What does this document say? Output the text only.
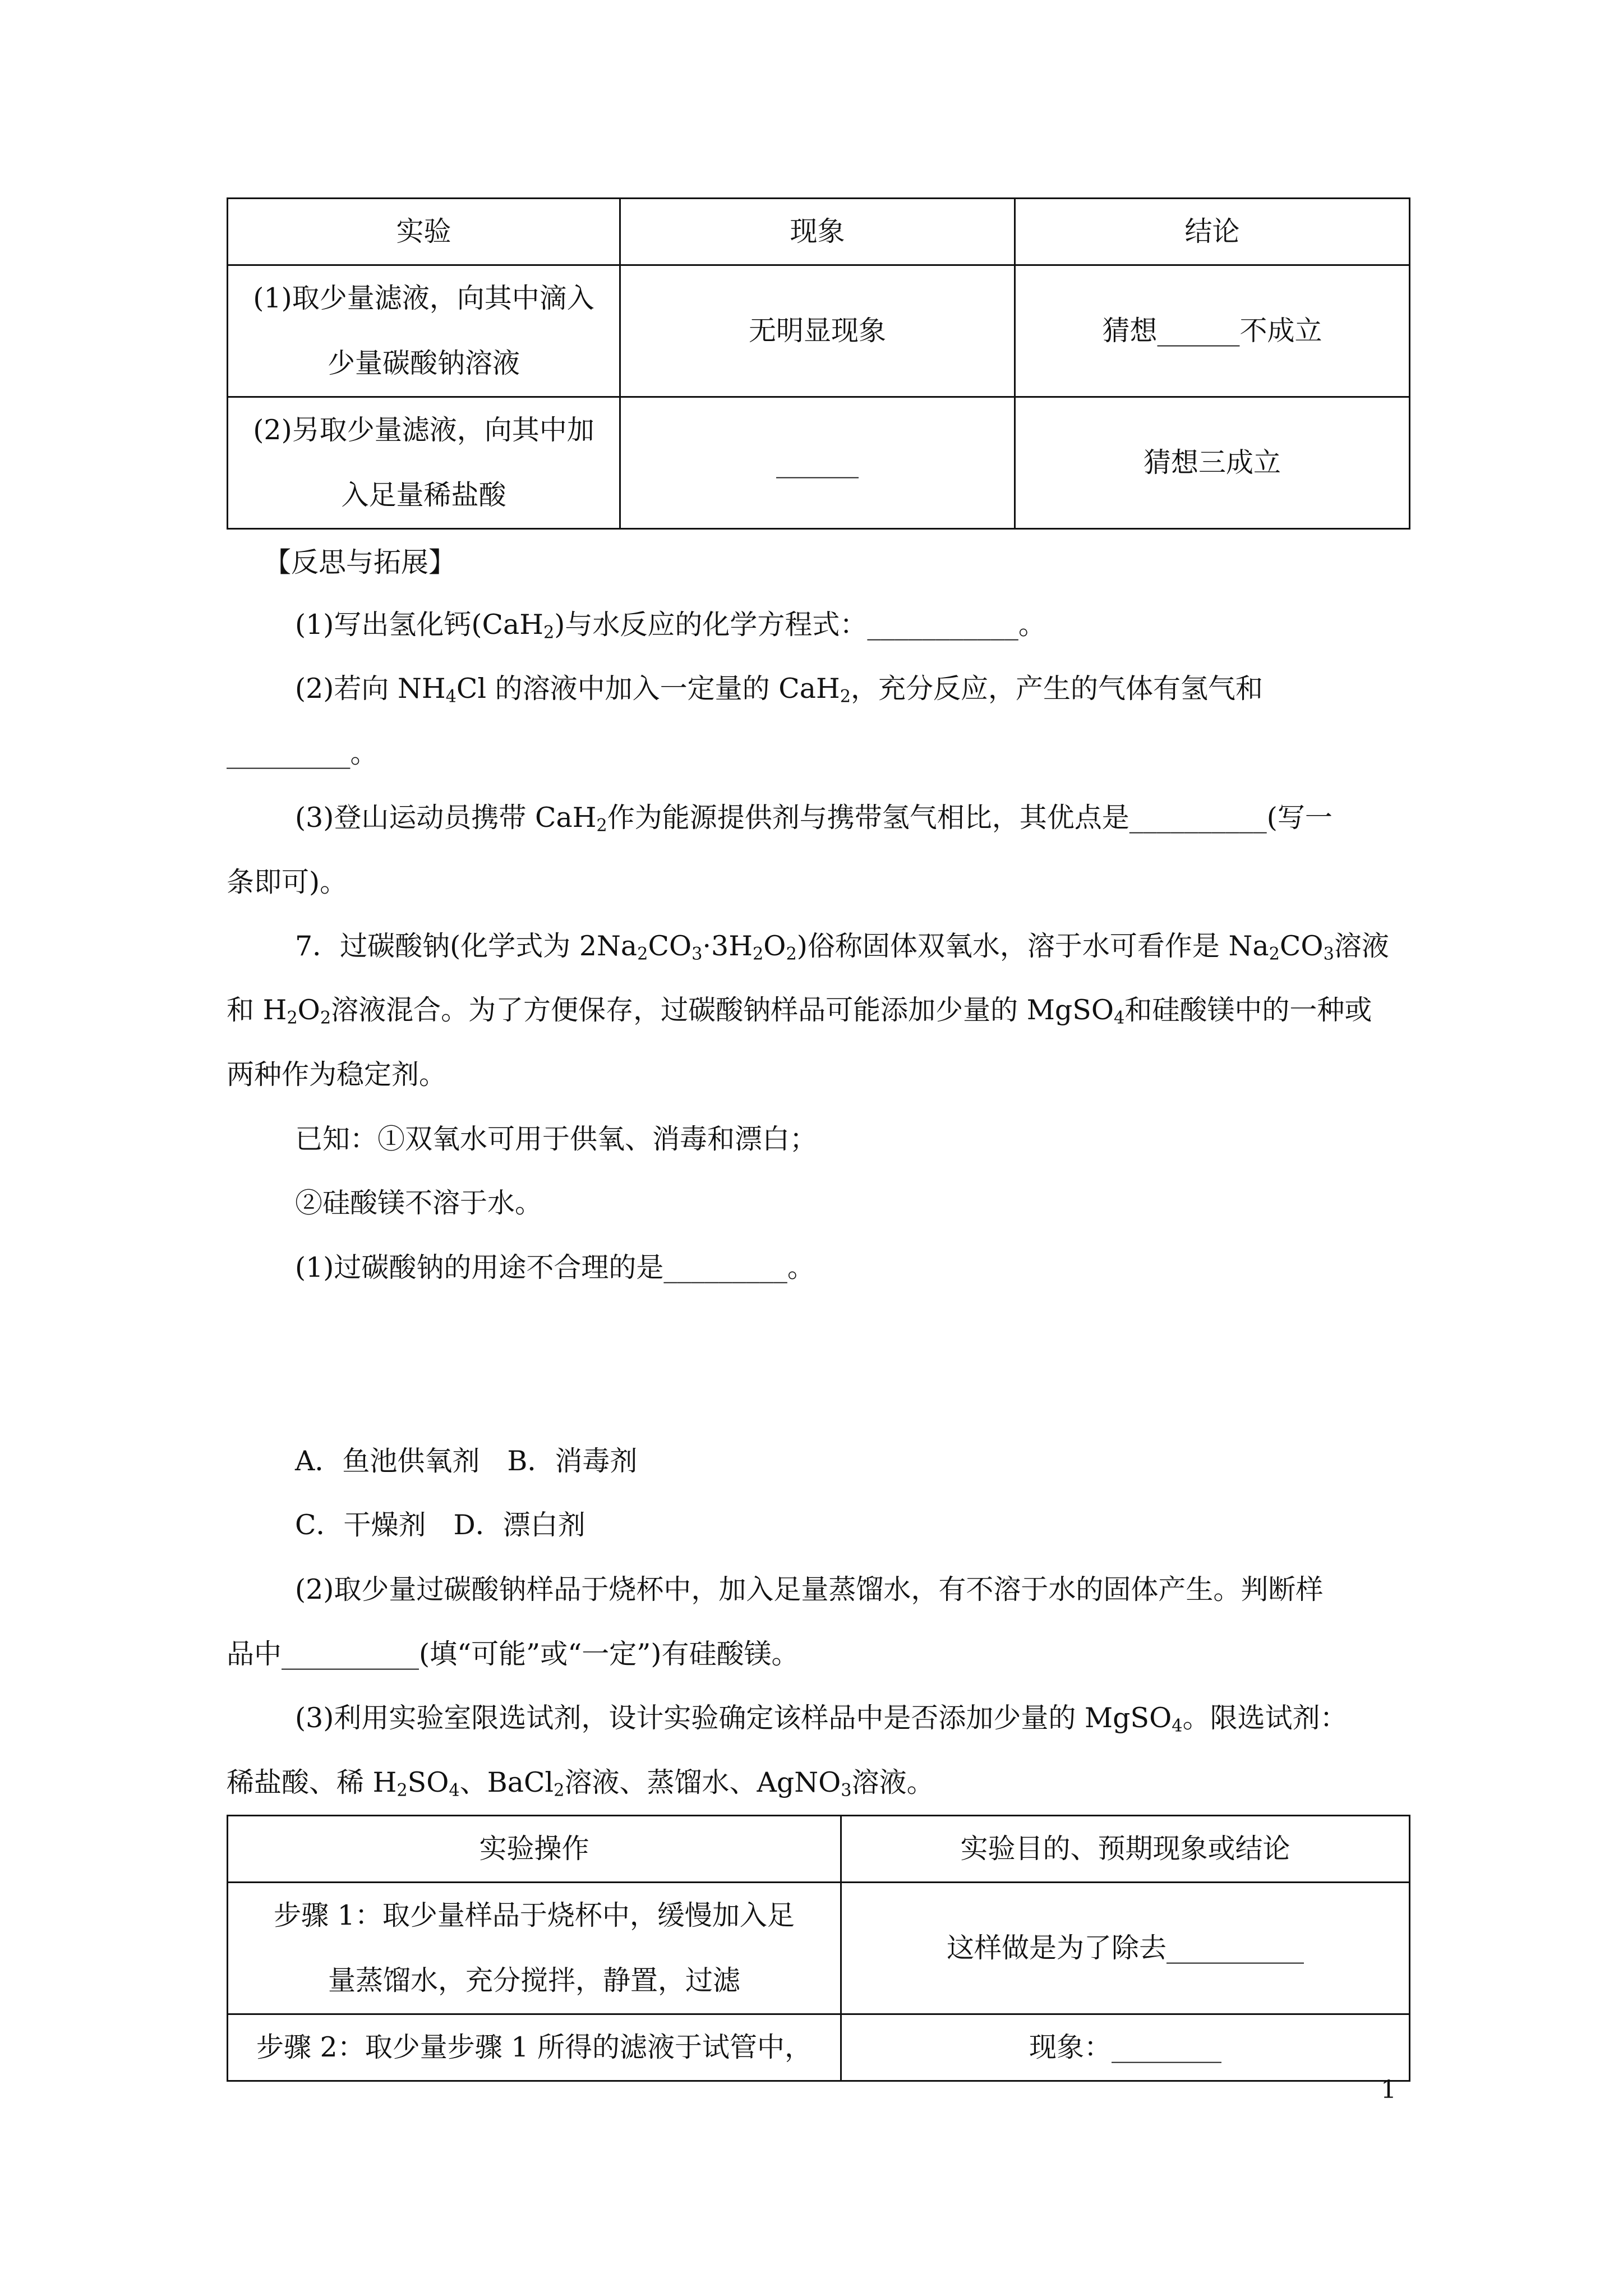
实验	现象	结论

(1)取少量滤液，向其中滴入
少量碳酸钠溶液	无明显现象	猜想______不成立

(2)另取少量滤液，向其中加
入足量稀盐酸	______	猜想三成立
【反思与拓展】
(1)写出氢化钙(CaH$_2$)与水反应的化学方程式：___________。
(2)若向 $NH_4Cl$ 的溶液中加入一定量的 CaH$_2$，充分反应，产生的气体有氢气和
_________。
(3)登山运动员携带 CaH$_2$作为能源提供剂与携带氢气相比，其优点是__________(写一
条即可)。
7．过碳酸钠(化学式为 $2Na_2CO_3\cdot 3H_2O_2$)俗称固体双氧水，溶于水可看作是 $Na_2CO_3$溶液
和 $H_2O_2$溶液混合。为了方便保存，过碳酸钠样品可能添加少量的 MgSO$_4$和硅酸镁中的一种或
两种作为稳定剂。
已知：①双氧水可用于供氧、消毒和漂白；
②硅酸镁不溶于水。
(1)过碳酸钠的用途不合理的是_________。
A．鱼池供氧剂　B．消毒剂
C．干燥剂　D．漂白剂
(2)取少量过碳酸钠样品于烧杯中，加入足量蒸馏水，有不溶于水的固体产生。判断样
品中__________(填“可能”或“一定”)有硅酸镁。
(3)利用实验室限选试剂，设计实验确定该样品中是否添加少量的 MgSO$_4$。限选试剂：
稀盐酸、稀 $H_2SO_4$、BaCl$_2$溶液、蒸馏水、AgNO$_3$溶液。
实验操作	实验目的、预期现象或结论

步骤 1：取少量样品于烧杯中，缓慢加入足
量蒸馏水，充分搅拌，静置，过滤	这样做是为了除去__________
步骤 2：取少量步骤 1 所得的滤液于试管中，	现象：________
1
